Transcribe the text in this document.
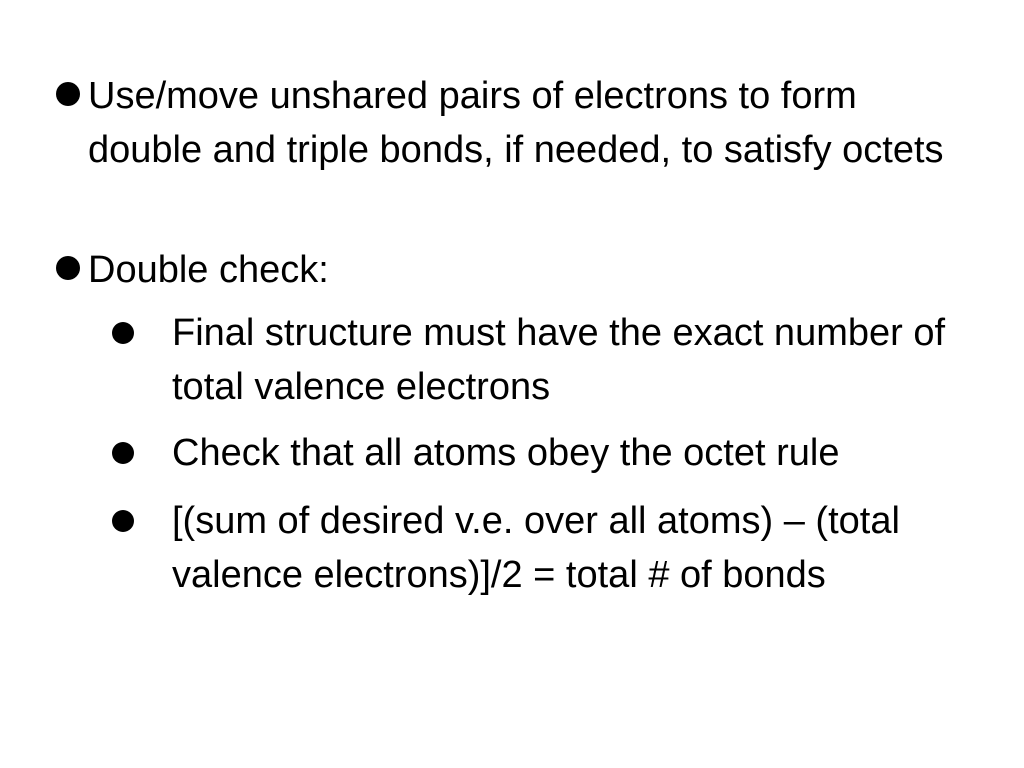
Use/move unshared pairs of electrons to form double and triple bonds, if needed, to satisfy octets
Double check:
Final structure must have the exact number of total valence electrons
Check that all atoms obey the octet rule
[(sum of desired v.e. over all atoms) – (total valence electrons)]/2 = total # of bonds
